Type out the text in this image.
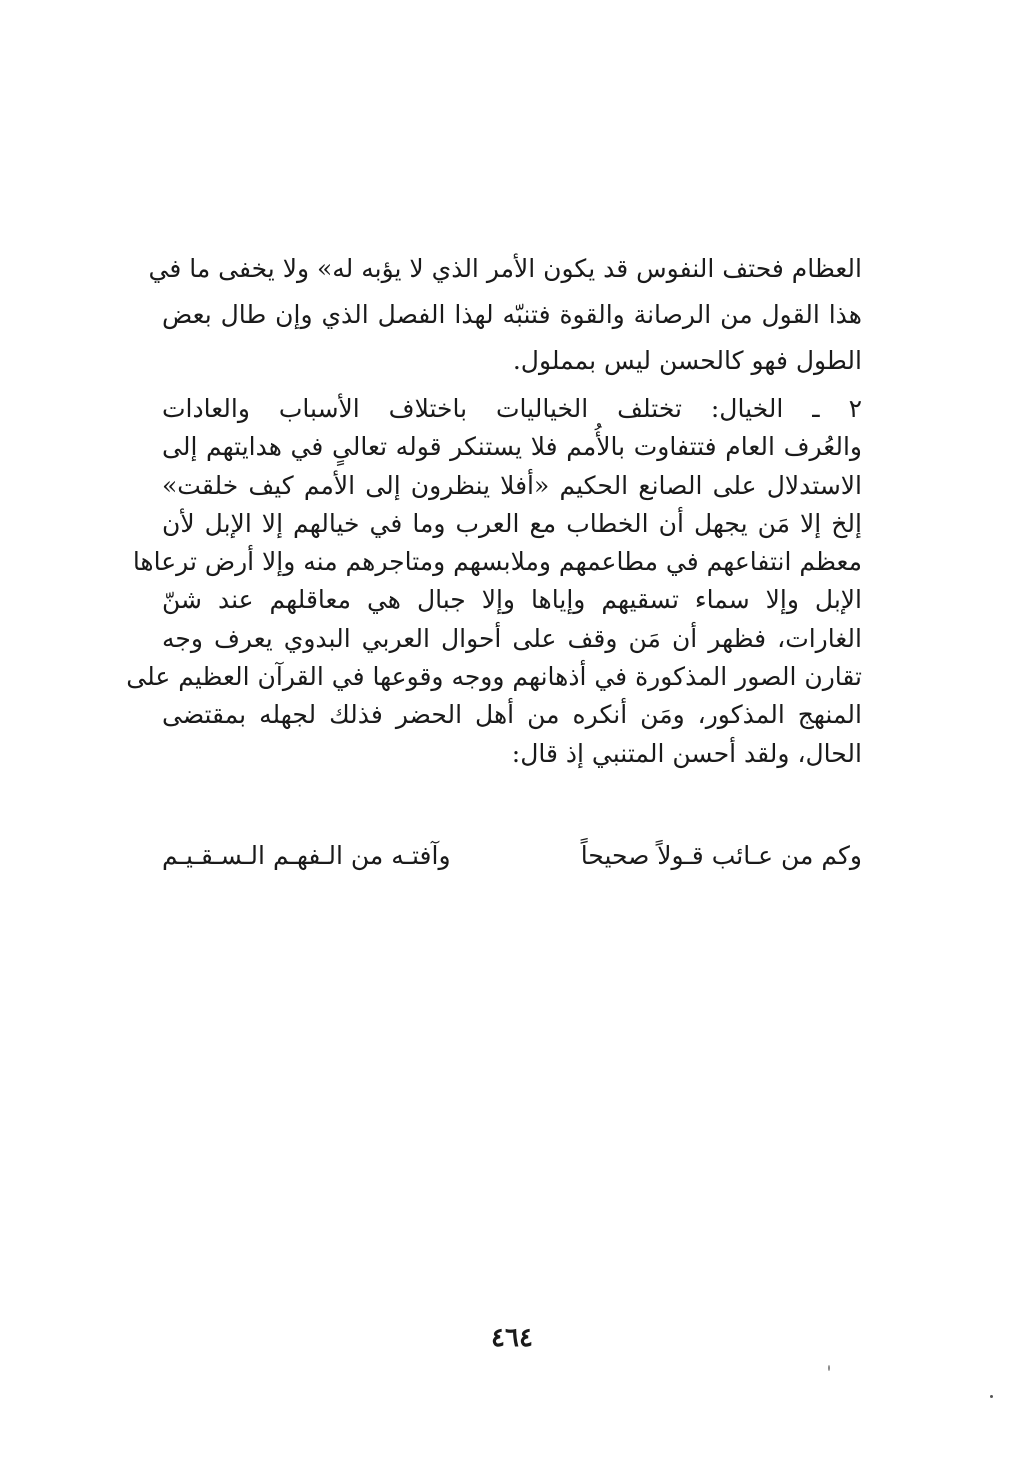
العظام فحتف النفوس قد يكون الأمر الذي لا يؤبه له» ولا يخفى ما في
هذا القول من الرصانة والقوة فتنبّه لهذا الفصل الذي وإن طال بعض
الطول فهو كالحسن ليس بمملول.
٢ ـ الخيال: تختلف الخياليات باختلاف الأسباب والعادات
والعُرف العام فتتفاوت بالأُمم فلا يستنكر قوله تعالىٍ في هدايتهم إلى
الاستدلال على الصانع الحكيم «أفلا ينظرون إلى الأمم كيف خلقت»
إلخ إلا مَن يجهل أن الخطاب مع العرب وما في خيالهم إلا الإبل لأن
معظم انتفاعهم في مطاعمهم وملابسهم ومتاجرهم منه وإلا أرض ترعاها
الإبل وإلا سماء تسقيهم وإياها وإلا جبال هي معاقلهم عند شنّ
الغارات، فظهر أن مَن وقف على أحوال العربي البدوي يعرف وجه
تقارن الصور المذكورة في أذهانهم ووجه وقوعها في القرآن العظيم على
المنهج المذكور، ومَن أنكره من أهل الحضر فذلك لجهله بمقتضى
الحال، ولقد أحسن المتنبي إذ قال:
وكم من عـائب قـولاً صحيحاً
وآفتـه من الـفهـم الـسـقـيـم
٤٦٤
